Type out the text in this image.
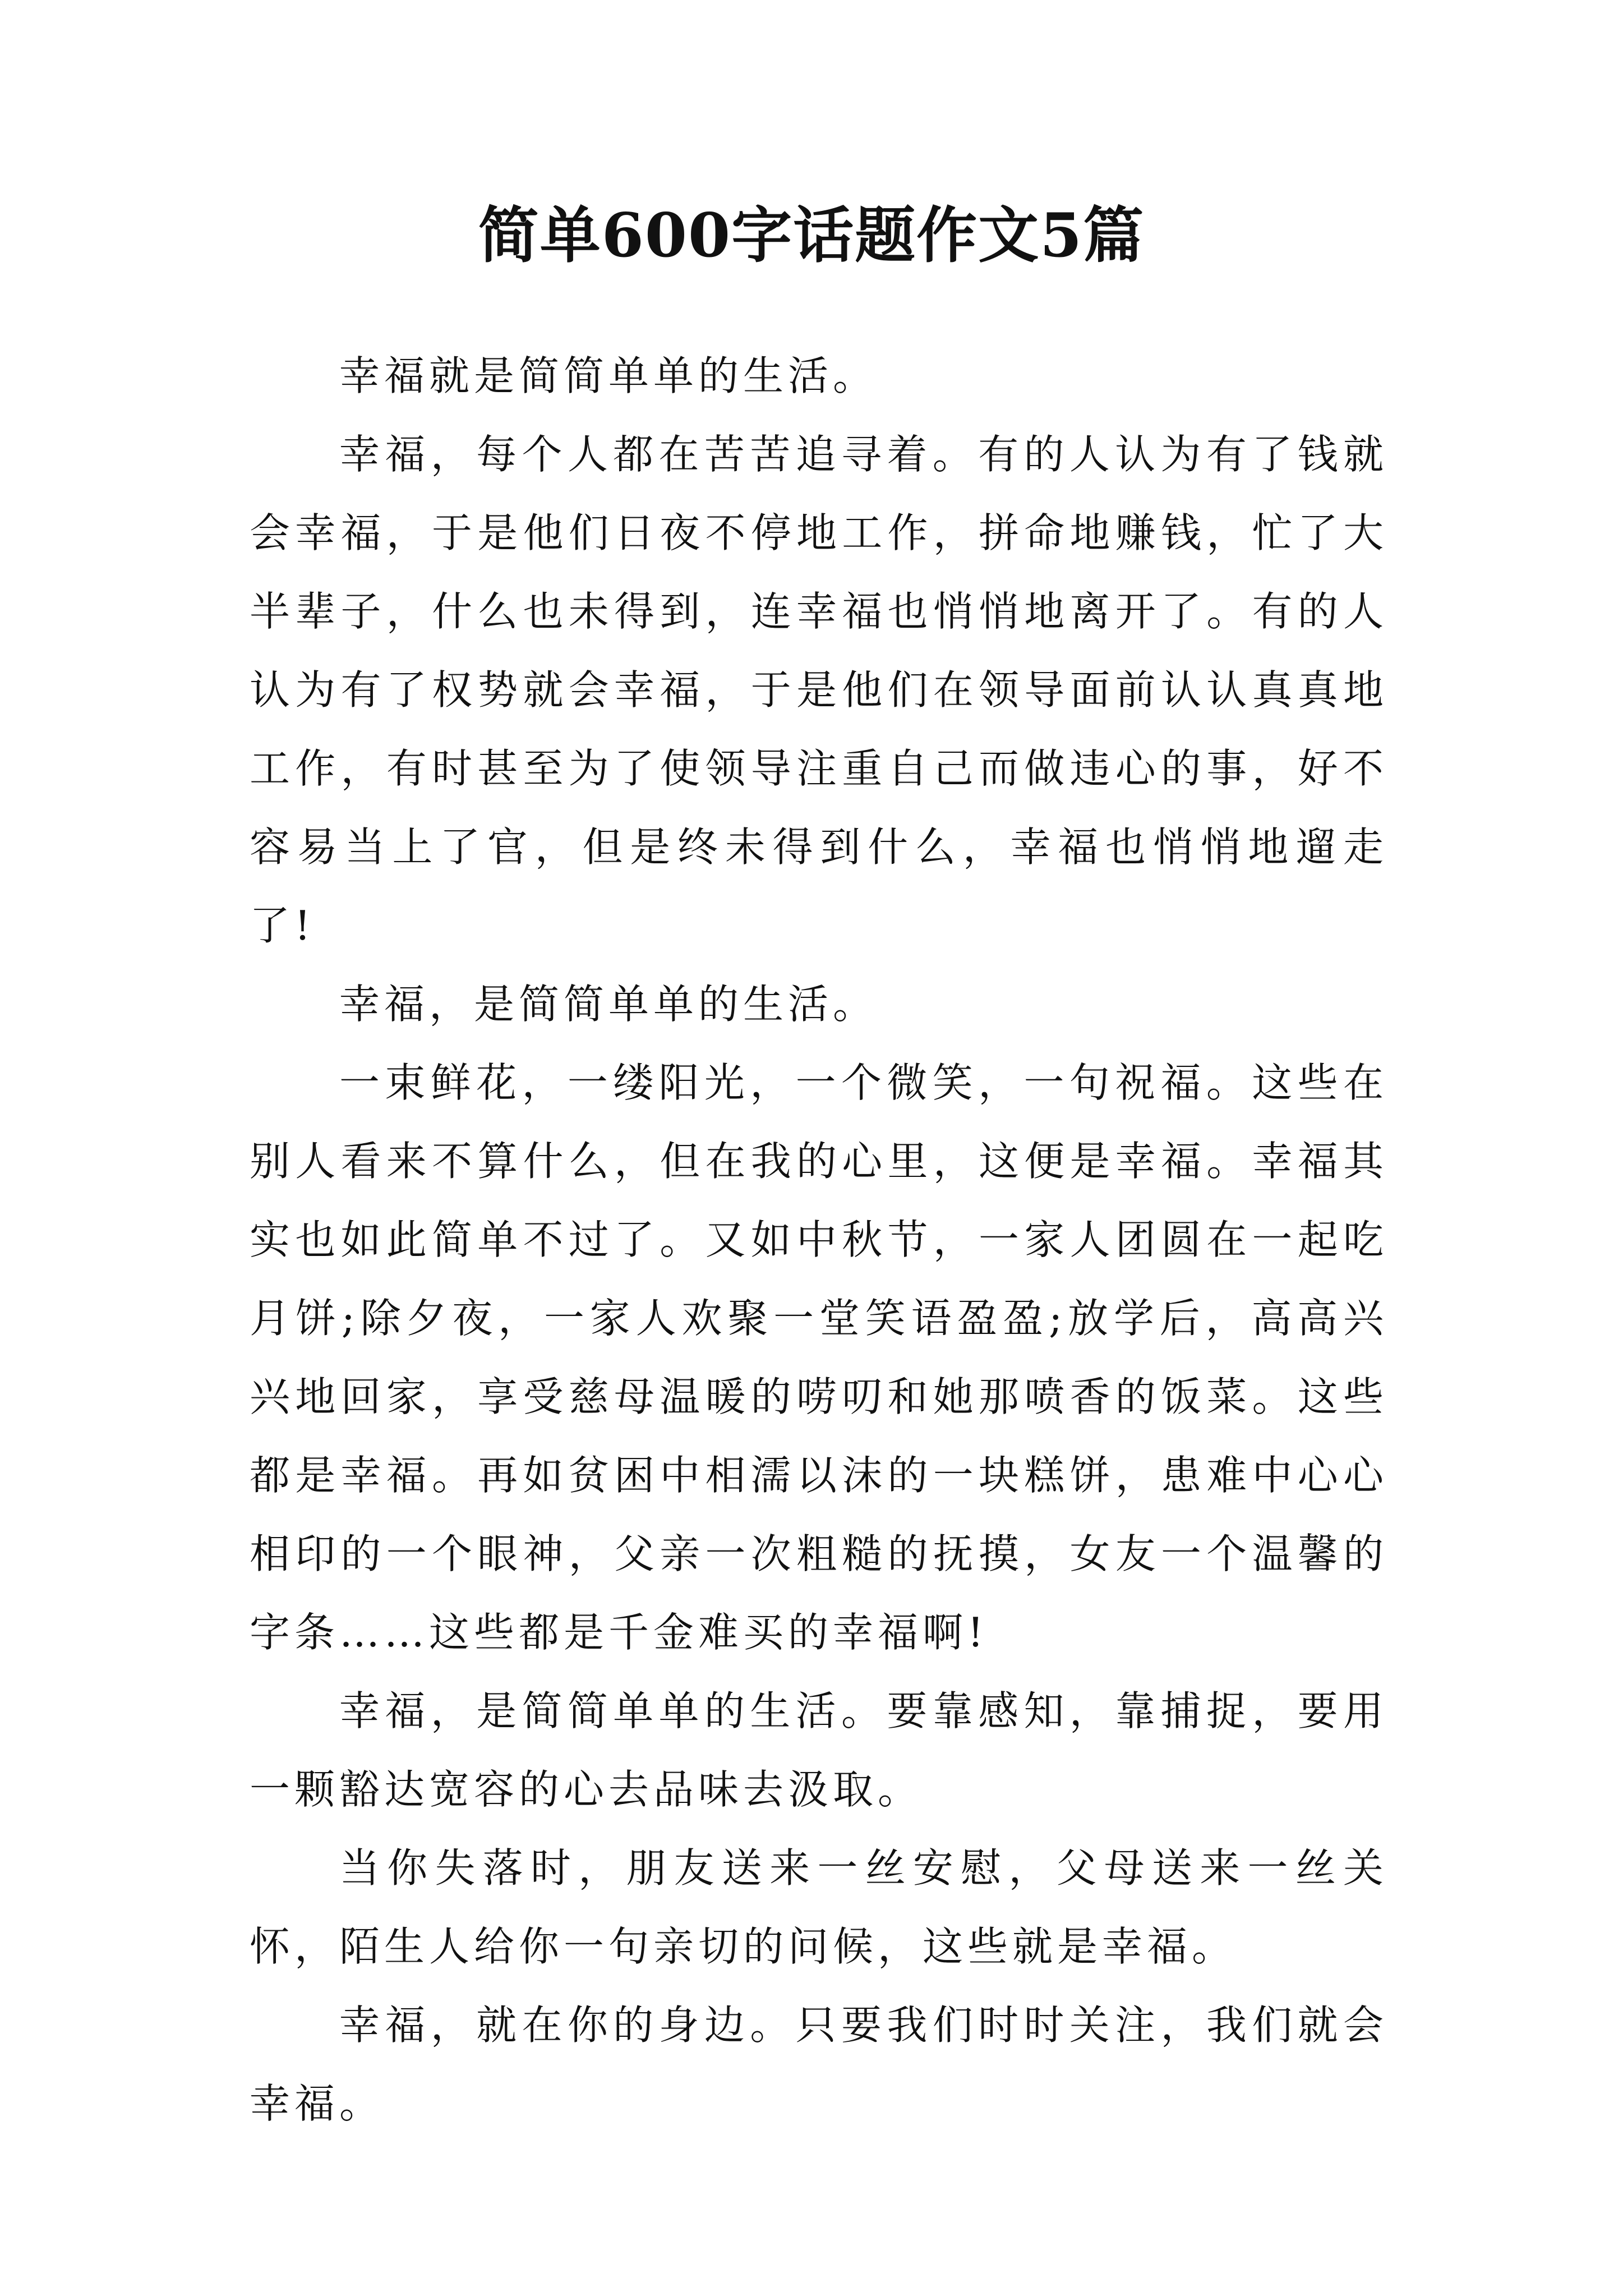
简单600字话题作文5篇

幸福就是简简单单的生活。

幸福，每个人都在苦苦追寻着。有的人认为有了钱就会幸福，于是他们日夜不停地工作，拼命地赚钱，忙了大半辈子，什么也未得到，连幸福也悄悄地离开了。有的人认为有了权势就会幸福，于是他们在领导面前认认真真地工作，有时甚至为了使领导注重自己而做违心的事，好不容易当上了官，但是终未得到什么，幸福也悄悄地遛走了!

幸福，是简简单单的生活。

一束鲜花，一缕阳光，一个微笑，一句祝福。这些在别人看来不算什么，但在我的心里，这便是幸福。幸福其实也如此简单不过了。又如中秋节，一家人团圆在一起吃月饼;除夕夜，一家人欢聚一堂笑语盈盈;放学后，高高兴兴地回家，享受慈母温暖的唠叨和她那喷香的饭菜。这些都是幸福。再如贫困中相濡以沫的一块糕饼，患难中心心相印的一个眼神，父亲一次粗糙的抚摸，女友一个温馨的字条……这些都是千金难买的幸福啊!

幸福，是简简单单的生活。要靠感知，靠捕捉，要用一颗豁达宽容的心去品味去汲取。

当你失落时，朋友送来一丝安慰，父母送来一丝关怀，陌生人给你一句亲切的问候，这些就是幸福。

幸福，就在你的身边。只要我们时时关注，我们就会幸福。
